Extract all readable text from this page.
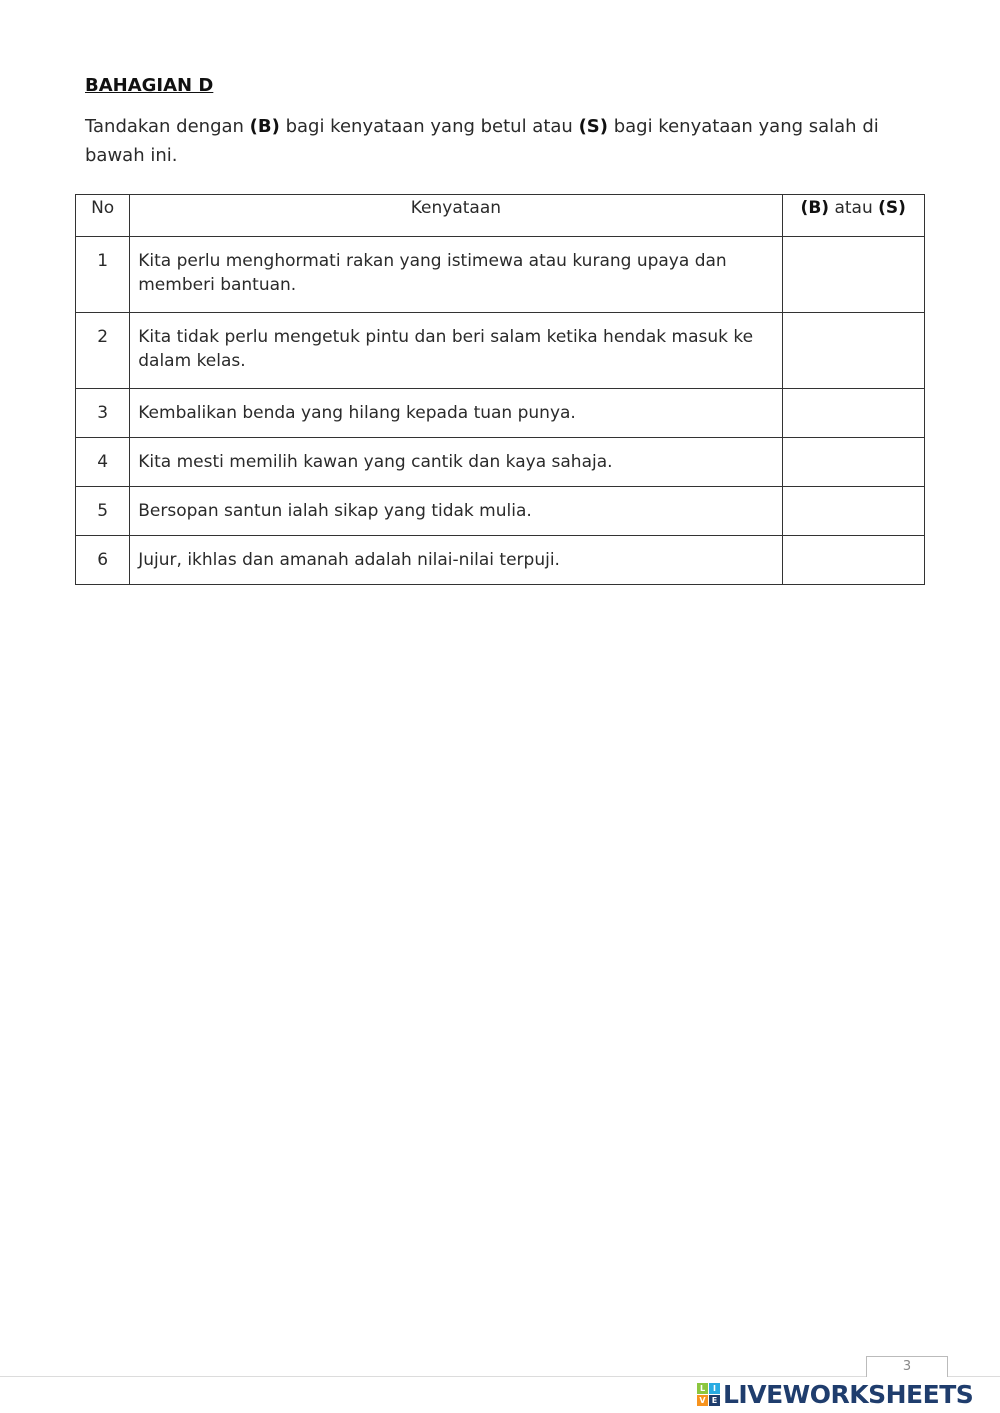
BAHAGIAN D

Tandakan dengan (B) bagi kenyataan yang betul atau (S) bagi kenyataan yang salah di bawah ini.

No	Kenyataan	(B) atau (S)
1	Kita perlu menghormati rakan yang istimewa atau kurang upaya dan memberi bantuan.	

2	Kita tidak perlu mengetuk pintu dan beri salam ketika hendak masuk ke dalam kelas.	

3	Kembalikan benda yang hilang kepada tuan punya.	

4	Kita mesti memilih kawan yang cantik dan kaya sahaja.	

5	Bersopan santun ialah sikap yang tidak mulia.	

6	Jujur, ikhlas dan amanah adalah nilai-nilai terpuji.	
3
L I
V E LIVEWORKSHEETS
